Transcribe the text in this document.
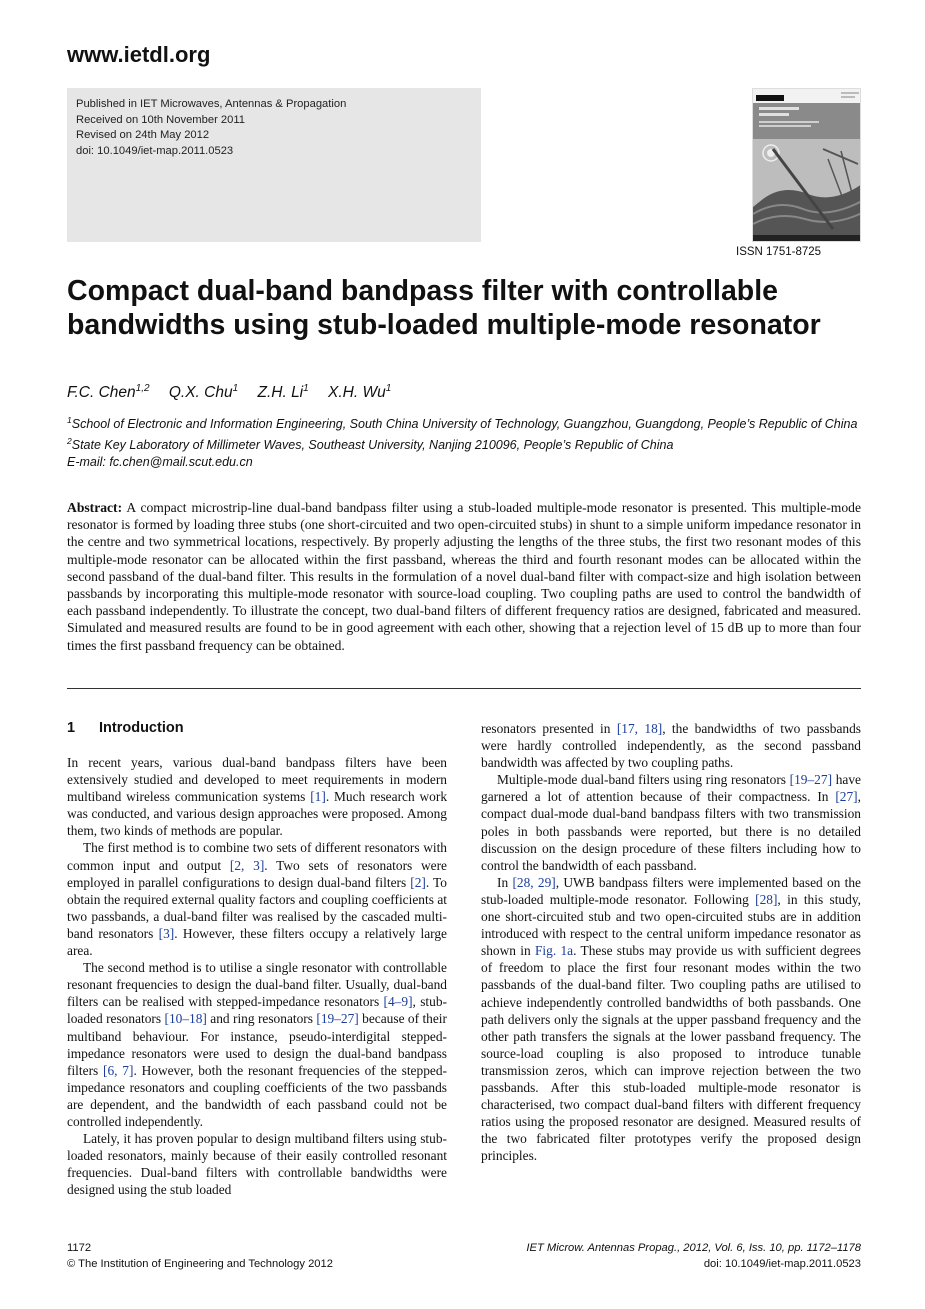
www.ietdl.org
Published in IET Microwaves, Antennas & Propagation
Received on 10th November 2011
Revised on 24th May 2012
doi: 10.1049/iet-map.2011.0523
ISSN 1751-8725
Compact dual-band bandpass filter with controllable bandwidths using stub-loaded multiple-mode resonator
F.C. Chen$^{1,2}$ Q.X. Chu$^1$ Z.H. Li$^1$ X.H. Wu$^1$
$^1$School of Electronic and Information Engineering, South China University of Technology, Guangzhou, Guangdong, People’s Republic of China
$^2$State Key Laboratory of Millimeter Waves, Southeast University, Nanjing 210096, People’s Republic of China
E-mail: fc.chen@mail.scut.edu.cn
Abstract: A compact microstrip-line dual-band bandpass filter using a stub-loaded multiple-mode resonator is presented. This multiple-mode resonator is formed by loading three stubs (one short-circuited and two open-circuited stubs) in shunt to a simple uniform impedance resonator in the centre and two symmetrical locations, respectively. By properly adjusting the lengths of the three stubs, the first two resonant modes of this multiple-mode resonator can be allocated within the first passband, whereas the third and fourth resonant modes can be allocated within the second passband of the dual-band filter. This results in the formulation of a novel dual-band filter with compact-size and high isolation between passbands by incorporating this multiple-mode resonator with source-load coupling. Two coupling paths are used to control the bandwidth of each passband independently. To illustrate the concept, two dual-band filters of different frequency ratios are designed, fabricated and measured. Simulated and measured results are found to be in good agreement with each other, showing that a rejection level of 15 dB up to more than four times the first passband frequency can be obtained.
1 Introduction

In recent years, various dual-band bandpass filters have been extensively studied and developed to meet requirements in modern multiband wireless communication systems [1]. Much research work was conducted, and various design approaches were proposed. Among them, two kinds of methods are popular.

The first method is to combine two sets of different resonators with common input and output [2, 3]. Two sets of resonators were employed in parallel configurations to design dual-band filters [2]. To obtain the required external quality factors and coupling coefficients at two passbands, a dual-band filter was realised by the cascaded multi-band resonators [3]. However, these filters occupy a relatively large area.

The second method is to utilise a single resonator with controllable resonant frequencies to design the dual-band filter. Usually, dual-band filters can be realised with stepped-impedance resonators [4–9], stub-loaded resonators [10–18] and ring resonators [19–27] because of their multiband behaviour. For instance, pseudo-interdigital stepped-impedance resonators were used to design the dual-band bandpass filters [6, 7]. However, both the resonant frequencies of the stepped-impedance resonators and coupling coefficients of the two passbands are dependent, and the bandwidth of each passband could not be controlled independently.

Lately, it has proven popular to design multiband filters using stub-loaded resonators, mainly because of their easily controlled resonant frequencies. Dual-band filters with controllable bandwidths were designed using the stub loaded

resonators presented in [17, 18], the bandwidths of two passbands were hardly controlled independently, as the second passband bandwidth was affected by two coupling paths.

Multiple-mode dual-band filters using ring resonators [19–27] have garnered a lot of attention because of their compactness. In [27], compact dual-mode dual-band bandpass filters with two transmission poles in both passbands were reported, but there is no detailed discussion on the design procedure of these filters including how to control the bandwidth of each passband.

In [28, 29], UWB bandpass filters were implemented based on the stub-loaded multiple-mode resonator. Following [28], in this study, one short-circuited stub and two open-circuited stubs are in addition introduced with respect to the central uniform impedance resonator as shown in Fig. 1a. These stubs may provide us with sufficient degrees of freedom to place the first four resonant modes within the two passbands of the dual-band filter. Two coupling paths are utilised to achieve independently controlled bandwidths of both passbands. One path delivers only the signals at the upper passband frequency and the other path transfers the signals at the lower passband frequency. The source-load coupling is also proposed to introduce tunable transmission zeros, which can improve rejection between the two passbands. After this stub-loaded multiple-mode resonator is characterised, two compact dual-band filters with different frequency ratios using the proposed resonator are designed. Measured results of the two fabricated filter prototypes verify the proposed design principles.

1172
© The Institution of Engineering and Technology 2012
IET Microw. Antennas Propag., 2012, Vol. 6, Iss. 10, pp. 1172–1178
doi: 10.1049/iet-map.2011.0523
